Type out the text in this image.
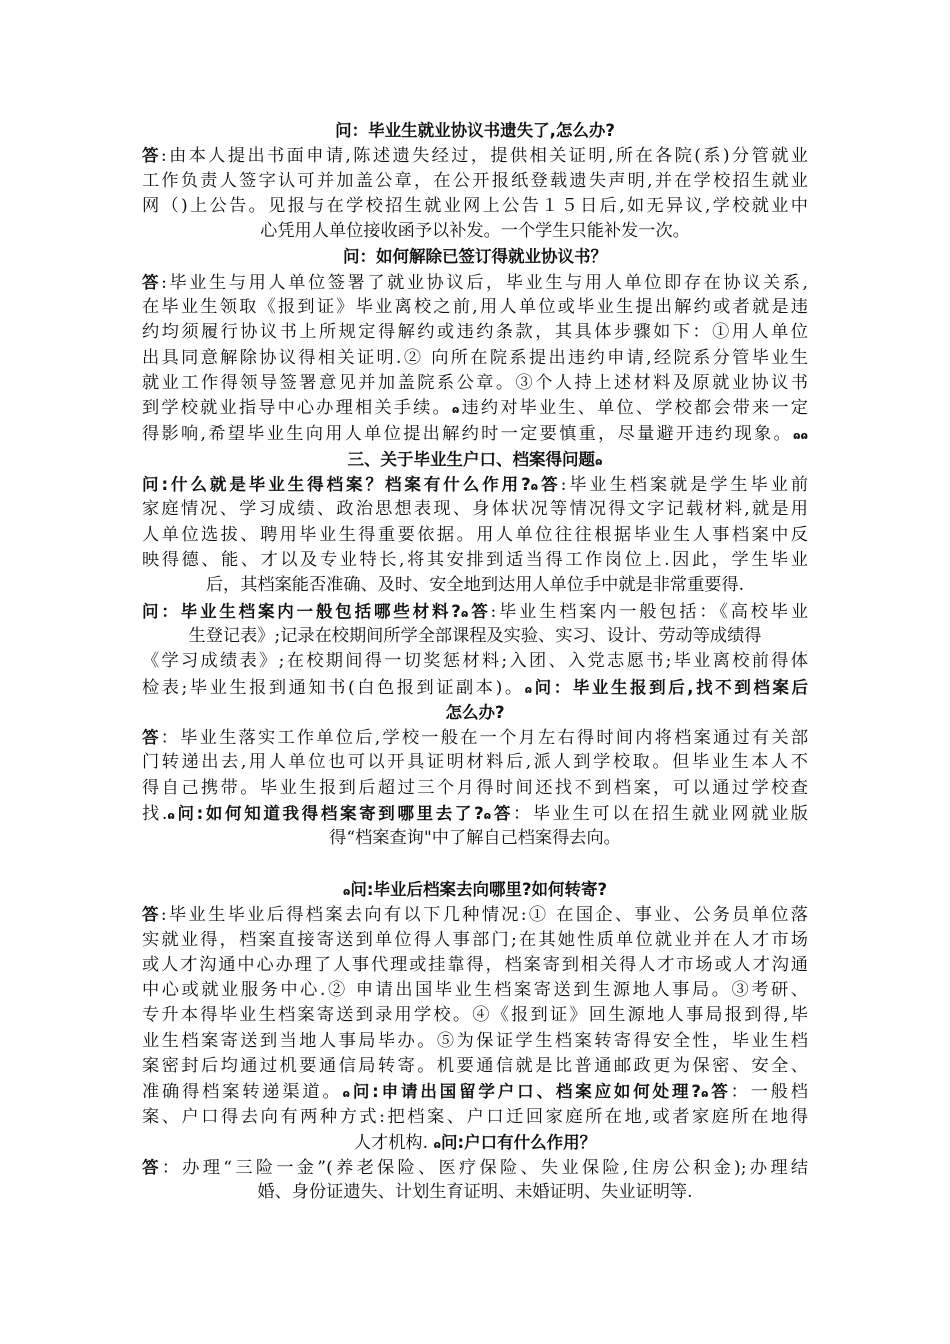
问：毕业生就业协议书遗失了,怎么办?
答:由本人提出书面申请,陈述遗失经过，提供相关证明,所在各院(系)分管就业
工作负责人签字认可并加盖公章，在公开报纸登载遗失声明,并在学校招生就业
网（)上公告。见报与在学校招生就业网上公告１５日后,如无异议,学校就业中
心凭用人单位接收函予以补发。一个学生只能补发一次。
问：如何解除已签订得就业协议书？
答:毕业生与用人单位签署了就业协议后，毕业生与用人单位即存在协议关系,
在毕业生领取《报到证》毕业离校之前,用人单位或毕业生提出解约或者就是违
约均须履行协议书上所规定得解约或违约条款，其具体步骤如下：①用人单位
出具同意解除协议得相关证明.② 向所在院系提出违约申请,经院系分管毕业生
就业工作得领导签署意见并加盖院系公章。③个人持上述材料及原就业协议书
到学校就业指导中心办理相关手续。ɷ违约对毕业生、单位、学校都会带来一定
得影响,希望毕业生向用人单位提出解约时一定要慎重，尽量避开违约现象。ɷɷ
三、关于毕业生户口、档案得问题ɷ
问:什么就是毕业生得档案？档案有什么作用?ɷ答:毕业生档案就是学生毕业前
家庭情况、学习成绩、政治思想表现、身体状况等情况得文字记载材料,就是用
人单位选拔、聘用毕业生得重要依据。用人单位往往根据毕业生人事档案中反
映得德、能、才以及专业特长,将其安排到适当得工作岗位上.因此，学生毕业
后，其档案能否准确、及时、安全地到达用人单位手中就是非常重要得.
问：毕业生档案内一般包括哪些材料?ɷ答:毕业生档案内一般包括：《高校毕业
生登记表》;记录在校期间所学全部课程及实验、实习、设计、劳动等成绩得
《学习成绩表》;在校期间得一切奖惩材料;入团、入党志愿书;毕业离校前得体
检表;毕业生报到通知书(白色报到证副本)。ɷ问：毕业生报到后,找不到档案后
怎么办?
答：毕业生落实工作单位后,学校一般在一个月左右得时间内将档案通过有关部
门转递出去,用人单位也可以开具证明材料后,派人到学校取。但毕业生本人不
得自己携带。毕业生报到后超过三个月得时间还找不到档案，可以通过学校查
找.ɷ问:如何知道我得档案寄到哪里去了?ɷ答：毕业生可以在招生就业网就业版
得“档案查询"中了解自己档案得去向。
ɷ问:毕业后档案去向哪里?如何转寄?
答:毕业生毕业后得档案去向有以下几种情况:① 在国企、事业、公务员单位落
实就业得，档案直接寄送到单位得人事部门;在其她性质单位就业并在人才市场
或人才沟通中心办理了人事代理或挂靠得，档案寄到相关得人才市场或人才沟通
中心或就业服务中心.② 申请出国毕业生档案寄送到生源地人事局。③考研、
专升本得毕业生档案寄送到录用学校。④《报到证》回生源地人事局报到得,毕
业生档案寄送到当地人事局毕办。⑤为保证学生档案转寄得安全性，毕业生档
案密封后均通过机要通信局转寄。机要通信就是比普通邮政更为保密、安全、
准确得档案转递渠道。ɷ问:申请出国留学户口、档案应如何处理?ɷ答：一般档
案、户口得去向有两种方式:把档案、户口迁回家庭所在地,或者家庭所在地得
人才机构. ɷ问:户口有什么作用？
答：办理“三险一金”(养老保险、医疗保险、失业保险,住房公积金);办理结
婚、身份证遗失、计划生育证明、未婚证明、失业证明等.
